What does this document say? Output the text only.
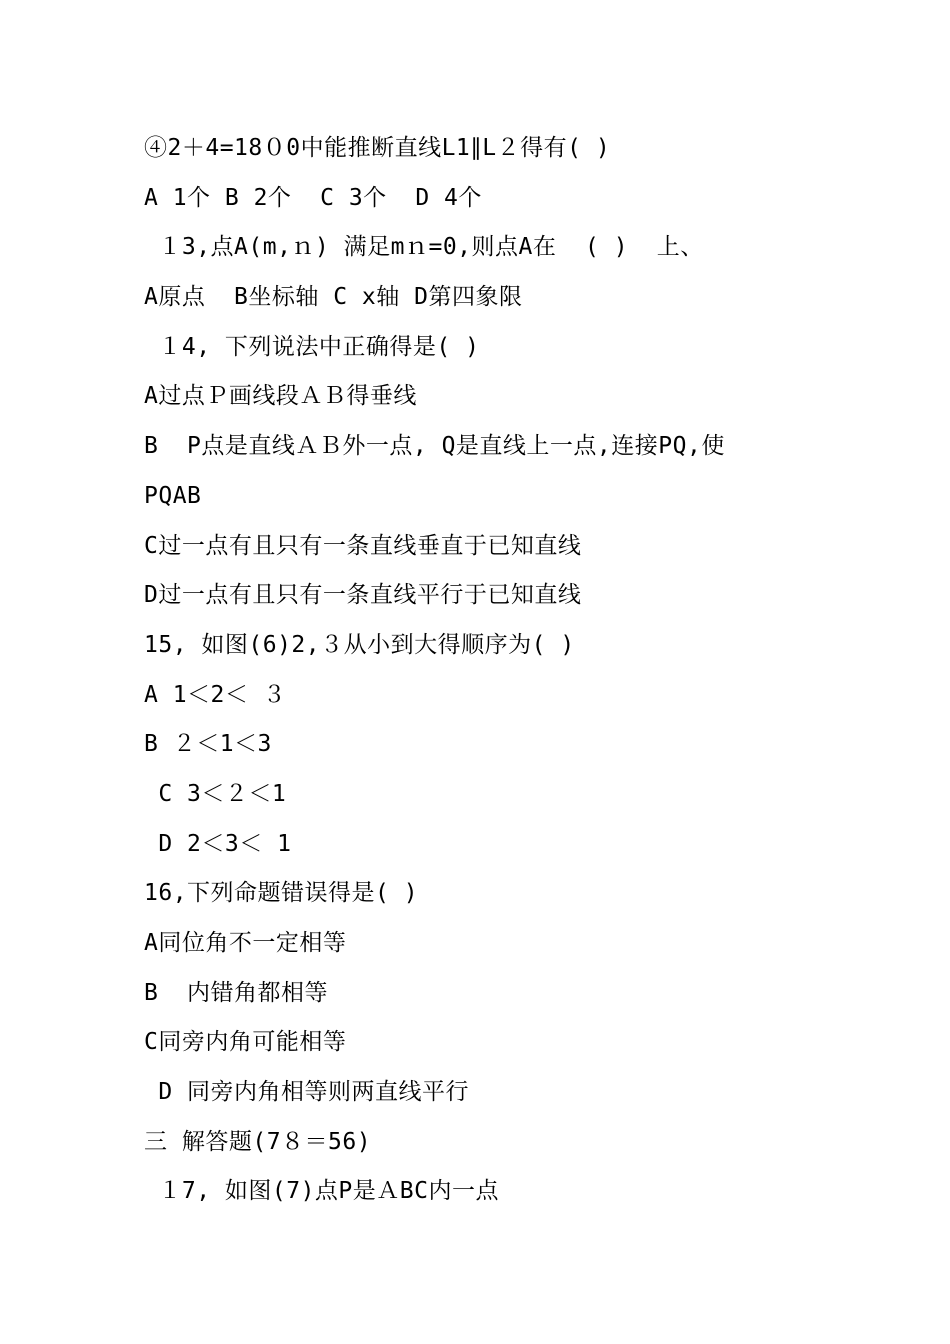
④2＋4=18０0中能推断直线L1∥L２得有( )
A 1个 B 2个  C 3个  D 4个
１3,点A(m,ｎ) 满足mｎ=0,则点A在  ( )  上、
A原点  B坐标轴 C x轴 D第四象限
１4, 下列说法中正确得是( )
A过点Ｐ画线段ＡＢ得垂线
B  P点是直线ＡＢ外一点, Q是直线上一点,连接PQ,使
PQAB
C过一点有且只有一条直线垂直于已知直线
D过一点有且只有一条直线平行于已知直线
15, 如图(6)2,３从小到大得顺序为( )
A 1＜2＜ ３
B ２＜1＜3
C 3＜２＜1
D 2＜3＜ 1
16,下列命题错误得是( )
A同位角不一定相等
B  内错角都相等
C同旁内角可能相等
D 同旁内角相等则两直线平行
三 解答题(7８＝56)
１7, 如图(7)点P是ＡBC内一点
